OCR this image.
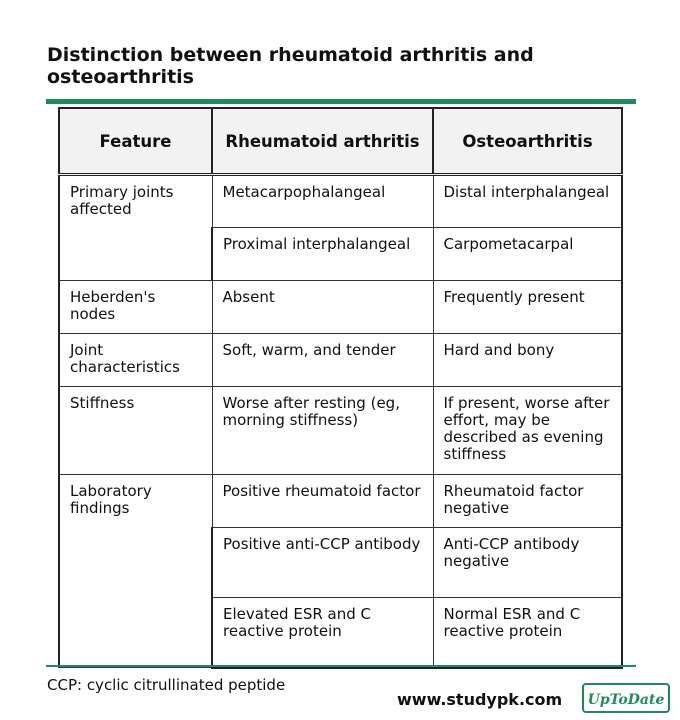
Distinction between rheumatoid arthritis and osteoarthritis
Feature	Rheumatoid arthritis	Osteoarthritis
Primary joints affected	Metacarpophalangeal	Distal interphalangeal
	Proximal interphalangeal	Carpometacarpal
Heberden's nodes	Absent	Frequently present
Joint characteristics	Soft, warm, and tender	Hard and bony
Stiffness	Worse after resting (eg, morning stiffness)	If present, worse after effort, may be described as evening stiffness
Laboratory findings	Positive rheumatoid factor	Rheumatoid factor negative
	Positive anti-CCP antibody	Anti-CCP antibody negative
	Elevated ESR and C reactive protein	Normal ESR and C reactive protein
CCP: cyclic citrullinated peptide
www.studypk.com	UpToDate
